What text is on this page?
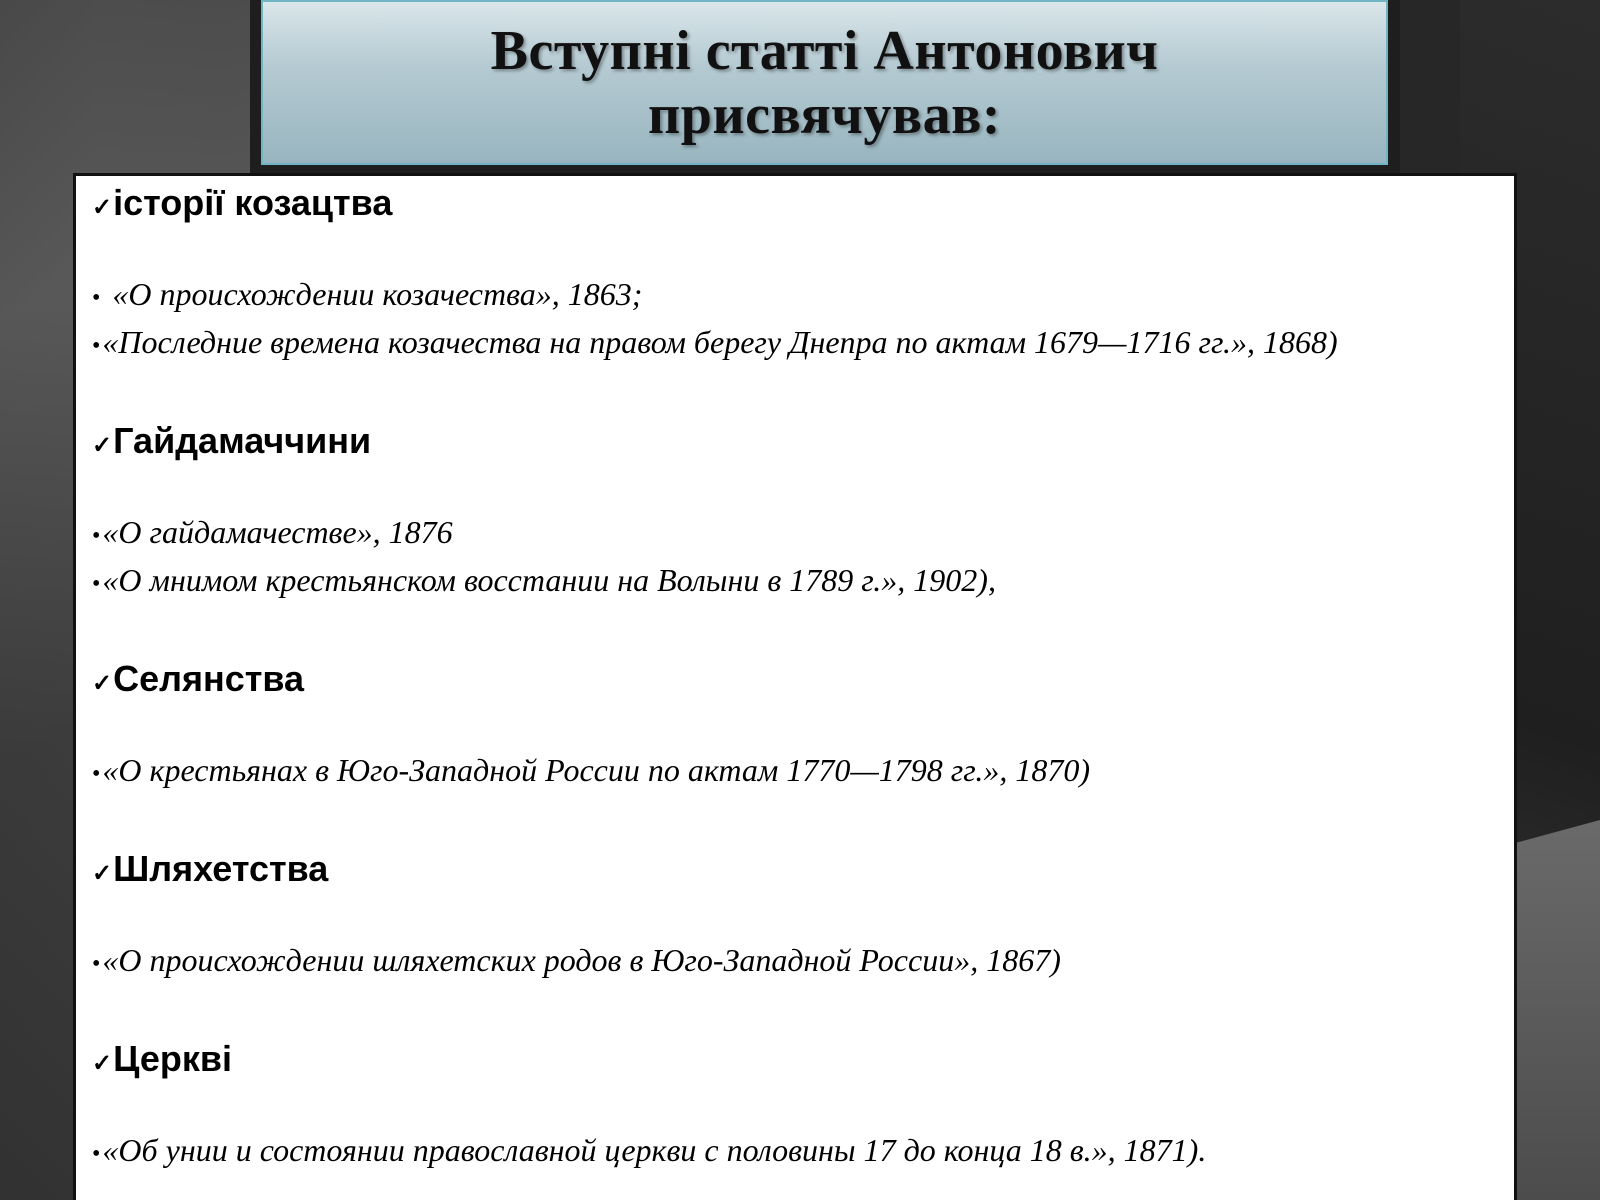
Вступні статті Антонович
присвячував:
✓ історії козацтва
• «О происхождении козачества», 1863;
• «Последние времена козачества на правом берегу Днепра по актам 1679—1716 гг.», 1868)
✓ Гайдамаччини
• «О гайдамачестве», 1876
• «О мнимом крестьянском восстании на Волыни в 1789 г.», 1902),
✓ Селянства
• «О крестьянах в Юго-Западной России по актам 1770—1798 гг.», 1870)
✓ Шляхетства
• «О происхождении шляхетских родов в Юго-Западной России», 1867)
✓ Церкві
• «Об унии и состоянии православной церкви с половины 17 до конца 18 в.», 1871).
